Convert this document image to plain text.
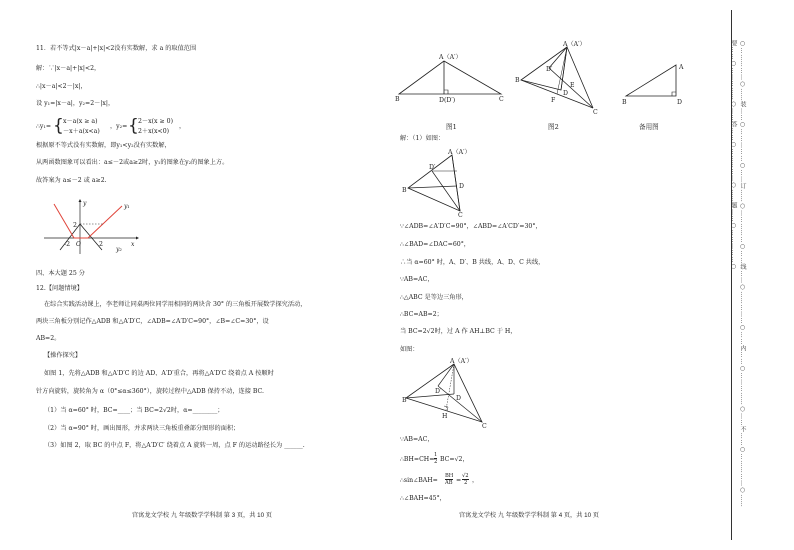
11．若不等式|x－a|+|x|<2没有实数解，求 a 的取值范围
解：∵|x－a|+|x|<2，
∴|x－a|<2－|x|，
设 y₁=|x－a|，y₂=2－|x|，
∴y₁= { x－a(x ≥ a)
－x＋a(x<a)
，y₂= { 2－x(x ≥ 0)
2＋x(x<0)
，
根据原不等式没有实数解，即y₁<y₂没有实数解，
从两函数图象可以看出：a≤－2或a≥2时，y₁的图象在y₂的图象上方。
故答案为 a≤－2 或 a≥2.
y	y₁
y₂
x
2
-2 O	2
四、本大题 25 分
12.【问题情境】
在综合实践活动课上，李老师让同桌两位同学用相同的两块含 30° 的三角板开展数学探究活动，
两块三角板分别记作△ADB 和△A′D′C，∠ADB=∠A′D′C=90°，∠B=∠C=30°，设
AB=2。
【操作探究】
如图 1，先将△ADB 和△A′D′C 的边 AD、A′D′重合，再将△A′D′C 绕着点 A 按顺时
针方向旋转，旋转角为 α（0°≤α≤360°），旋转过程中△ADB 保持不动，连接 BC.
（1）当 α=60° 时，BC=____；当 BC=2√2时，α=________；
（2）当 α=90° 时，画出图形，并求两块三角板重叠部分图形的面积；
（3）如图 2，取 BC 的中点 F，将△A′D′C′ 绕着点 A 旋转一周，点 F 的运动路径长为 ______.
宫寓龙文学校 九 年级数学学科制 第 3 页，共 10 页
A（A′）
B	C
D(D′)
图1
A（A′）
D′
D
E
F
B
C
图2
A
B	D
备用图
解：（1）如图：
A（A′）
D′
D
B
C
∵∠ADB=∠A′D′C=90°，∠ABD=∠A′CD′=30°，
∴∠BAD=∠DAC=60°，
∴当 α=60° 时，A、D′、B 共线，A、D、C 共线，
∵AB=AC，
∴△ABC 是等边三角形，
∴BC=AB=2；
当 BC=2√2时，过 A 作 AH⊥BC 于 H，
如图：
A（A′）
D′
D
B
H
C
∵AB=AC，
∴BH=CH=
1
2 BC=√2，
∴sin∠BAH=
BH
AB =
√2
2 ，
∴∠BAH=45°，
宫寓龙文学校 九 年级数学学科制 第 4 页，共 10 页
○……………○……装……○……………○……订……○……………○……线……○……………○……内……○……………○……不……○……………○……要……○……………○……答……○……………○……题……○……………○
